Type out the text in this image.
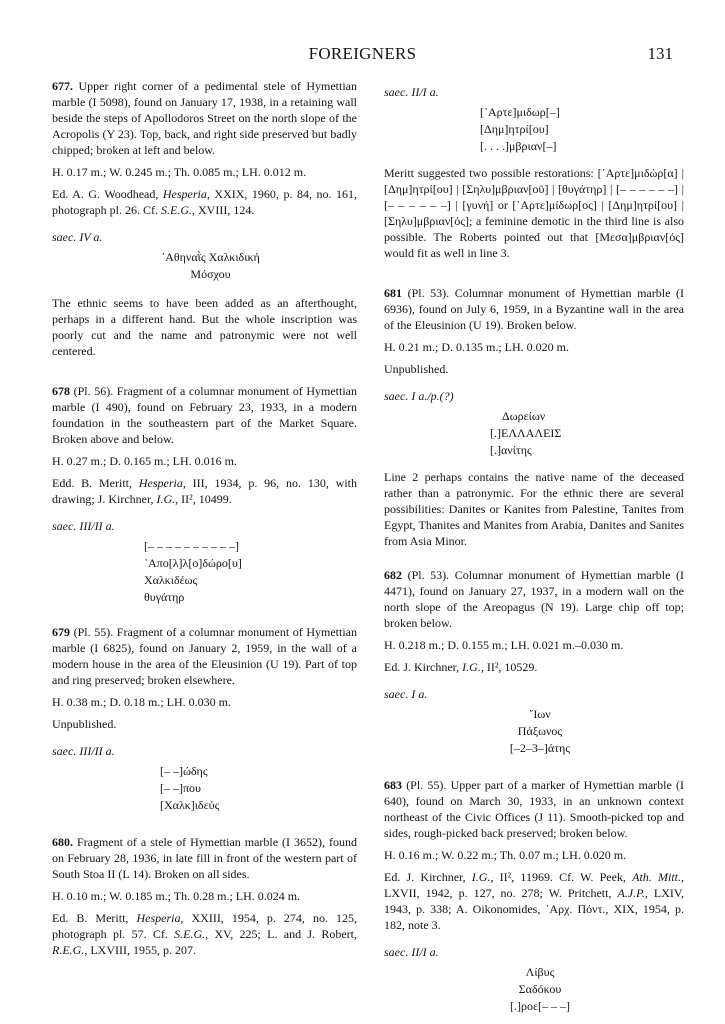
FOREIGNERS	131

677. Upper right corner of a pedimental stele of Hymettian marble (I 5098), found on January 17, 1938, in a retaining wall beside the steps of Apollodoros Street on the north slope of the Acropolis (Y 23). Top, back, and right side preserved but badly chipped; broken at left and below.

H. 0.17 m.; W. 0.245 m.; Th. 0.085 m.; LH. 0.012 m.

Ed. A. G. Woodhead, Hesperia, XXIX, 1960, p. 84, no. 161, photograph pl. 26. Cf. S.E.G., XVIII, 124.

saec. IV a.

᾿Αθηναῒς Χαλκιδική
Μόσχου

The ethnic seems to have been added as an afterthought, perhaps in a different hand. But the whole inscription was poorly cut and the name and patronymic were not well centered.

678 (Pl. 56). Fragment of a columnar monument of Hymettian marble (I 490), found on February 23, 1933, in a modern foundation in the southeastern part of the Market Square. Broken above and below.

H. 0.27 m.; D. 0.165 m.; LH. 0.016 m.

Edd. B. Meritt, Hesperia, III, 1934, p. 96, no. 130, with drawing; J. Kirchner, I.G., II², 10499.

saec. III/II a.

[– – – – – – – – – –]
᾿Απο[λ]λ[ο]δώρο[υ]
Χαλκιδέως
θυγάτηρ

679 (Pl. 55). Fragment of a columnar monument of Hymettian marble (I 6825), found on January 2, 1959, in the wall of a modern house in the area of the Eleusinion (U 19). Part of top and ring preserved; broken elsewhere.

H. 0.38 m.; D. 0.18 m.; LH. 0.030 m.

Unpublished.

saec. III/II a.

[– –]ώδης
[– –]που
[Χαλκ]ιδεύς

680. Fragment of a stele of Hymettian marble (I 3652), found on February 28, 1936, in late fill in front of the western part of South Stoa II (L 14). Broken on all sides.

H. 0.10 m.; W. 0.185 m.; Th. 0.28 m.; LH. 0.024 m.

Ed. B. Meritt, Hesperia, XXIII, 1954, p. 274, no. 125, photograph pl. 57. Cf. S.E.G., XV, 225; L. and J. Robert, R.E.G., LXVIII, 1955, p. 207.

saec. II/I a.

[᾿Αρτε]μιδωρ[–]
[Δημ]ητρί[ου]
[. . . .]μβριαν[–]

Meritt suggested two possible restorations: [᾿Αρτε]μιδώρ[α] | [Δημ]ητρί[ου] | [Σηλυ]μβριαν[οῦ] | [θυγάτηρ] | [– – – – – –] | [– – – – – –] | [γυνή] or [᾿Αρτε]μίδωρ[ος] | [Δημ]ητρί[ου] | [Σηλυ]μβριαν[ός]; a feminine demotic in the third line is also possible. The Roberts pointed out that [Μεσα]μβριαν[ός] would fit as well in line 3.

681 (Pl. 53). Columnar monument of Hymettian marble (I 6936), found on July 6, 1959, in a Byzantine wall in the area of the Eleusinion (U 19). Broken below.

H. 0.21 m.; D. 0.135 m.; LH. 0.020 m.

Unpublished.

saec. I a./p.(?)

Δωρείων
[.]ΕΛΛΑΛΕΙΣ
[.]ανίτης

Line 2 perhaps contains the native name of the deceased rather than a patronymic. For the ethnic there are several possibilities: Danites or Kanites from Palestine, Tanites from Egypt, Thanites and Manites from Arabia, Danites and Sanites from Asia Minor.

682 (Pl. 53). Columnar monument of Hymettian marble (I 4471), found on January 27, 1937, in a modern wall on the north slope of the Areopagus (N 19). Large chip off top; broken below.

H. 0.218 m.; D. 0.155 m.; LH. 0.021 m.–0.030 m.

Ed. J. Kirchner, I.G., II², 10529.

saec. I a.

῎Ιων
Πάξωνος
[–2–3–]άτης

683 (Pl. 55). Upper part of a marker of Hymettian marble (I 640), found on March 30, 1933, in an unknown context northeast of the Civic Offices (J 11). Smooth-picked top and sides, rough-picked back preserved; broken below.

H. 0.16 m.; W. 0.22 m.; Th. 0.07 m.; LH. 0.020 m.

Ed. J. Kirchner, I.G., II², 11969. Cf. W. Peek, Ath. Mitt., LXVII, 1942, p. 127, no. 278; W. Pritchett, A.J.P., LXIV, 1943, p. 338; A. Oikonomides, ᾿Αρχ. Πόντ., XIX, 1954, p. 182, note 3.

saec. II/I a.

Λίβυς
Σαδόκου
[.]ροε[– – –]
